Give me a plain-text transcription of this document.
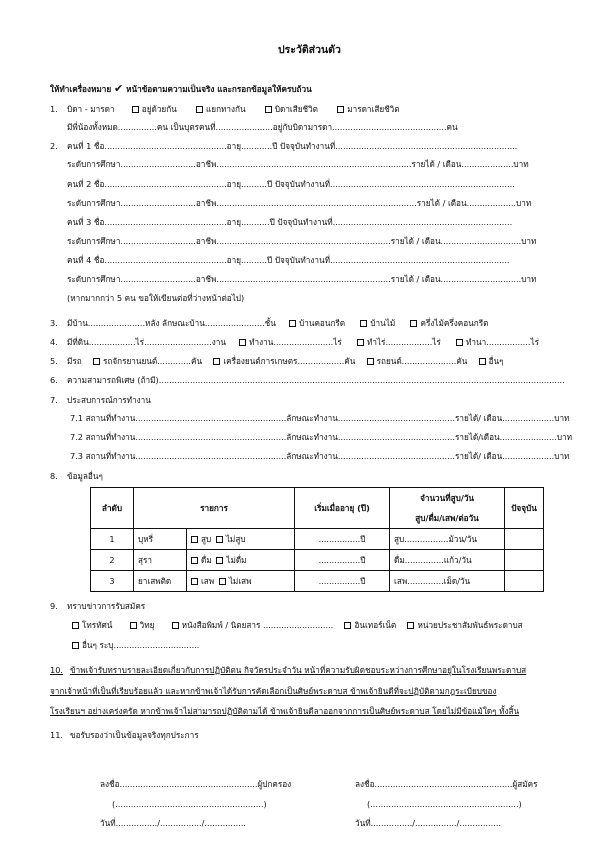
ประวัติส่วนตัว
ให้ทำเครื่องหมาย ✔ หน้าข้อตามความเป็นจริง และกรอกข้อมูลให้ครบถ้วน
1. บิดา - มารดา	อยู่ด้วยกัน	แยกทางกัน	บิดาเสียชีวิต	มารดาเสียชีวิต
มีพี่น้องทั้งหมด...............คน เป็นบุตรคนที่......................อยู่กับบิดามารดา............................................คน
2. คนที่ 1 ชื่อ...............................................อายุ............ปี ปัจจุบันทำงานที่......................................................................
ระดับการศึกษา.............................อาชีพ...........................................................................รายได้ / เดือน....................บาท
คนที่ 2 ชื่อ...............................................อายุ..........ปี ปัจจุบันทำงานที่.......................................................................
ระดับการศึกษา.............................อาชีพ.............................................................................รายได้ / เดือน...................บาท
คนที่ 3 ชื่อ...............................................อายุ...........ปี ปัจจุบันทำงานที่.....................................................................
ระดับการศึกษา.............................อาชีพ...................................................................รายได้ / เดือน...............................บาท
คนที่ 4 ชื่อ...............................................อายุ..........ปี ปัจจุบันทำงานที่.....................................................................
ระดับการศึกษา.............................อาชีพ...................................................................รายได้ / เดือน...............................บาท
(หากมากกว่า 5 คน ขอให้เขียนต่อที่ว่างหน้าต่อไป)
3. มีบ้าน......................หลัง ลักษณะบ้าน.......................ชั้น	บ้านคอนกรีต	บ้านไม้	ครึ่งไม้ครึ่งคอนกรีต
4. มีที่ดิน..................ไร่..........................งาน	ทำงาน.......................ไร่	ทำไร่..................ไร่	ทำนา.................ไร่
5. มีรถ	รถจักรยานยนต์.............คัน	เครื่องยนต์การเกษตร..................คัน	รถยนต์.....................คัน	อื่นๆ
6. ความสามารถพิเศษ (ถ้ามี)............................................................................................................................................................
7. ประสบการณ์การทำงาน
7.1 สถานที่ทำงาน..........................................................ลักษณะทำงาน.............................................รายได้/ เดือน....................บาท
7.2 สถานที่ทำงาน..........................................................ลักษณะทำงาน.............................................รายได้/เดือน......................บาท
7.3 สถานที่ทำงาน..........................................................ลักษณะทำงาน.............................................รายได้/ เดือน....................บาท
8. ข้อมูลอื่นๆ
ลำดับ	รายการ		เริ่มเมื่ออายุ (ปี)	จำนวนที่สูบ/วัน	ปัจจุบัน
				สูบ/ดื่ม/เสพ/ต่อวัน	
1	บุหรี่	สูบ ไม่สูบ	................ปี	สูบ.................ม้วน/วัน	
2	สุรา	ดื่ม ไม่ดื่ม	................ปี	ดื่ม...............แก้ว/วัน	
3	ยาเสพติด	เสพ ไม่เสพ	................ปี	เสพ..............เม็ด/วัน	
9. ทราบข่าวการรับสมัคร
โทรทัศน์	วิทยุ	หนังสือพิมพ์ / นิตยสาร ...........................	อินเทอร์เน็ต	หน่วยประชาสัมพันธ์พระดาบส
อื่นๆ ระบุ.................................
10. ข้าพเจ้ารับทราบรายละเอียดเกี่ยวกับการปฏิบัติตน กิจวัตรประจำวัน หน้าที่ความรับผิดชอบระหว่างการศึกษาอยู่ในโรงเรียนพระดาบส
จากเจ้าหน้าที่เป็นที่เรียบร้อยแล้ว และหากข้าพเจ้าได้รับการคัดเลือกเป็นศิษย์พระดาบส ข้าพเจ้ายินดีที่จะปฏิบัติตามกฎระเบียบของ
โรงเรียนฯ อย่างเคร่งครัด หากข้าพเจ้าไม่สามารถปฏิบัติตามได้ ข้าพเจ้ายินดีลาออกจากการเป็นศิษย์พระดาบส โดยไม่มีข้อแม้ใดๆ ทั้งสิ้น
11. ขอรับรองว่าเป็นข้อมูลจริงทุกประการ
ลงชื่อ.....................................................ผู้ปกครอง
(.........................................................)
วันที่................/................/................
ลงชื่อ.....................................................ผู้สมัคร
(.........................................................)
วันที่................/................/................
